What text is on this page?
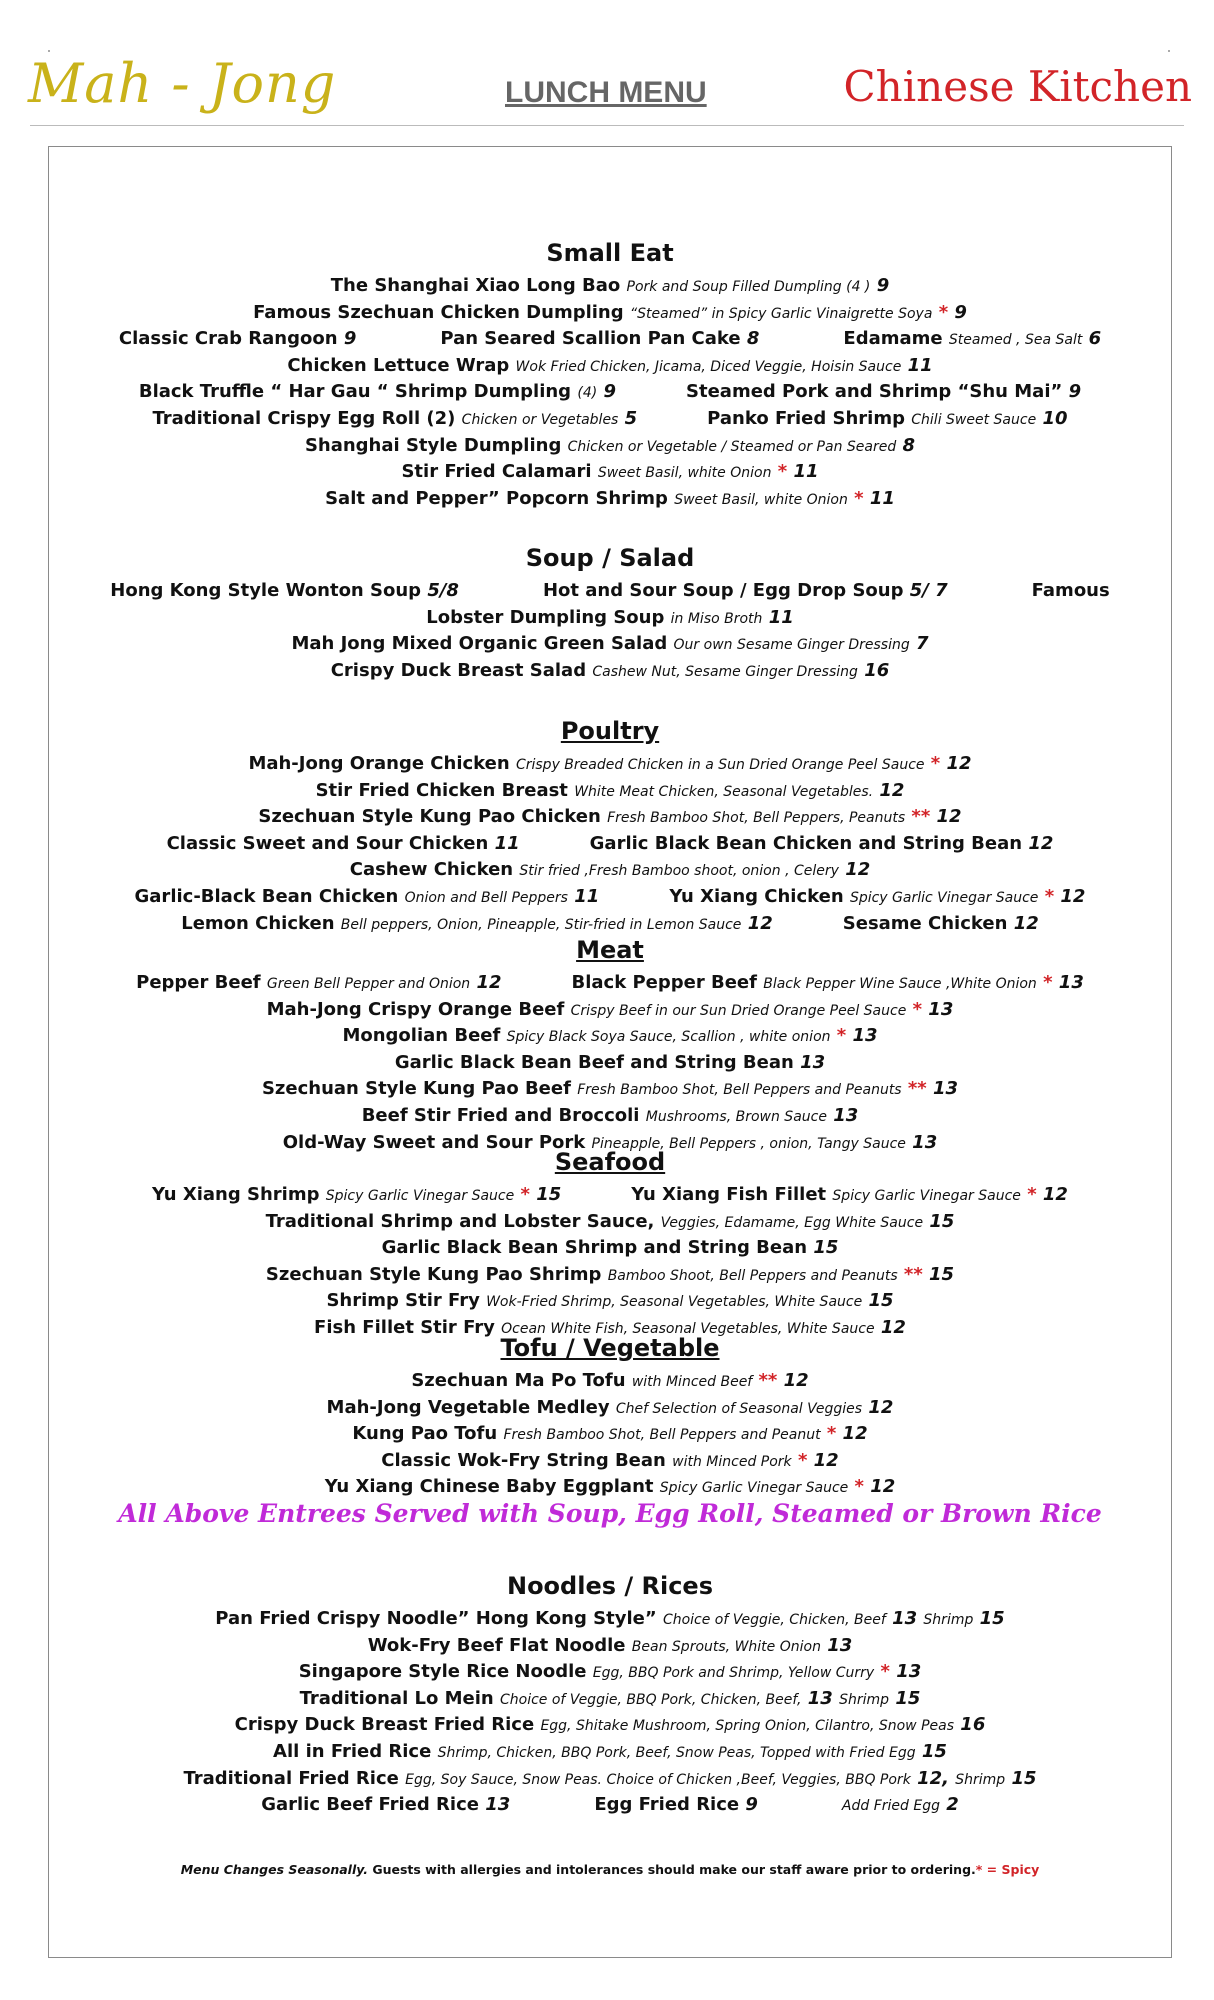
Mah - Jong	LUNCH MENU	Chinese Kitchen
Small Eat
The Shanghai Xiao Long Bao Pork and Soup Filled Dumpling (4 ) 9
Famous Szechuan Chicken Dumpling “Steamed” in Spicy Garlic Vinaigrette Soya * 9
Classic Crab Rangoon 9	Pan Seared Scallion Pan Cake 8	Edamame Steamed , Sea Salt 6
Chicken Lettuce Wrap Wok Fried Chicken, Jicama, Diced Veggie, Hoisin Sauce 11
Black Truffle “ Har Gau “ Shrimp Dumpling (4) 9	Steamed Pork and Shrimp “Shu Mai” 9
Traditional Crispy Egg Roll (2) Chicken or Vegetables 5	Panko Fried Shrimp Chili Sweet Sauce 10
Shanghai Style Dumpling Chicken or Vegetable / Steamed or Pan Seared 8
Stir Fried Calamari Sweet Basil, white Onion * 11
Salt and Pepper” Popcorn Shrimp Sweet Basil, white Onion * 11
Soup / Salad
Hong Kong Style Wonton Soup 5/8	Hot and Sour Soup / Egg Drop Soup 5/ 7	Famous
Lobster Dumpling Soup in Miso Broth 11
Mah Jong Mixed Organic Green Salad Our own Sesame Ginger Dressing 7
Crispy Duck Breast Salad Cashew Nut, Sesame Ginger Dressing 16
Poultry
Mah-Jong Orange Chicken Crispy Breaded Chicken in a Sun Dried Orange Peel Sauce * 12
Stir Fried Chicken Breast White Meat Chicken, Seasonal Vegetables. 12
Szechuan Style Kung Pao Chicken Fresh Bamboo Shot, Bell Peppers, Peanuts ** 12
Classic Sweet and Sour Chicken 11	Garlic Black Bean Chicken and String Bean 12
Cashew Chicken Stir fried ,Fresh Bamboo shoot, onion , Celery 12
Garlic-Black Bean Chicken Onion and Bell Peppers 11	Yu Xiang Chicken Spicy Garlic Vinegar Sauce * 12
Lemon Chicken Bell peppers, Onion, Pineapple, Stir-fried in Lemon Sauce 12	Sesame Chicken 12
Meat
Pepper Beef Green Bell Pepper and Onion 12	Black Pepper Beef Black Pepper Wine Sauce ,White Onion * 13
Mah-Jong Crispy Orange Beef Crispy Beef in our Sun Dried Orange Peel Sauce * 13
Mongolian Beef Spicy Black Soya Sauce, Scallion , white onion * 13
Garlic Black Bean Beef and String Bean 13
Szechuan Style Kung Pao Beef Fresh Bamboo Shot, Bell Peppers and Peanuts ** 13
Beef Stir Fried and Broccoli Mushrooms, Brown Sauce 13
Old-Way Sweet and Sour Pork Pineapple, Bell Peppers , onion, Tangy Sauce 13
Seafood
Yu Xiang Shrimp Spicy Garlic Vinegar Sauce * 15	Yu Xiang Fish Fillet Spicy Garlic Vinegar Sauce * 12
Traditional Shrimp and Lobster Sauce, Veggies, Edamame, Egg White Sauce 15
Garlic Black Bean Shrimp and String Bean 15
Szechuan Style Kung Pao Shrimp Bamboo Shoot, Bell Peppers and Peanuts ** 15
Shrimp Stir Fry Wok-Fried Shrimp, Seasonal Vegetables, White Sauce 15
Fish Fillet Stir Fry Ocean White Fish, Seasonal Vegetables, White Sauce 12
Tofu / Vegetable
Szechuan Ma Po Tofu with Minced Beef ** 12
Mah-Jong Vegetable Medley Chef Selection of Seasonal Veggies 12
Kung Pao Tofu Fresh Bamboo Shot, Bell Peppers and Peanut * 12
Classic Wok-Fry String Bean with Minced Pork * 12
Yu Xiang Chinese Baby Eggplant Spicy Garlic Vinegar Sauce * 12
Noodles / Rices
Pan Fried Crispy Noodle” Hong Kong Style” Choice of Veggie, Chicken, Beef 13 Shrimp 15
Wok-Fry Beef Flat Noodle Bean Sprouts, White Onion 13
Singapore Style Rice Noodle Egg, BBQ Pork and Shrimp, Yellow Curry * 13
Traditional Lo Mein Choice of Veggie, BBQ Pork, Chicken, Beef, 13 Shrimp 15
Crispy Duck Breast Fried Rice Egg, Shitake Mushroom, Spring Onion, Cilantro, Snow Peas 16
All in Fried Rice Shrimp, Chicken, BBQ Pork, Beef, Snow Peas, Topped with Fried Egg 15
Traditional Fried Rice Egg, Soy Sauce, Snow Peas. Choice of Chicken ,Beef, Veggies, BBQ Pork 12, Shrimp 15
Garlic Beef Fried Rice 13	Egg Fried Rice 9	Add Fried Egg 2
All Above Entrees Served with Soup, Egg Roll, Steamed or Brown Rice
Menu Changes Seasonally. Guests with allergies and intolerances should make our staff aware prior to ordering.* = Spicy
